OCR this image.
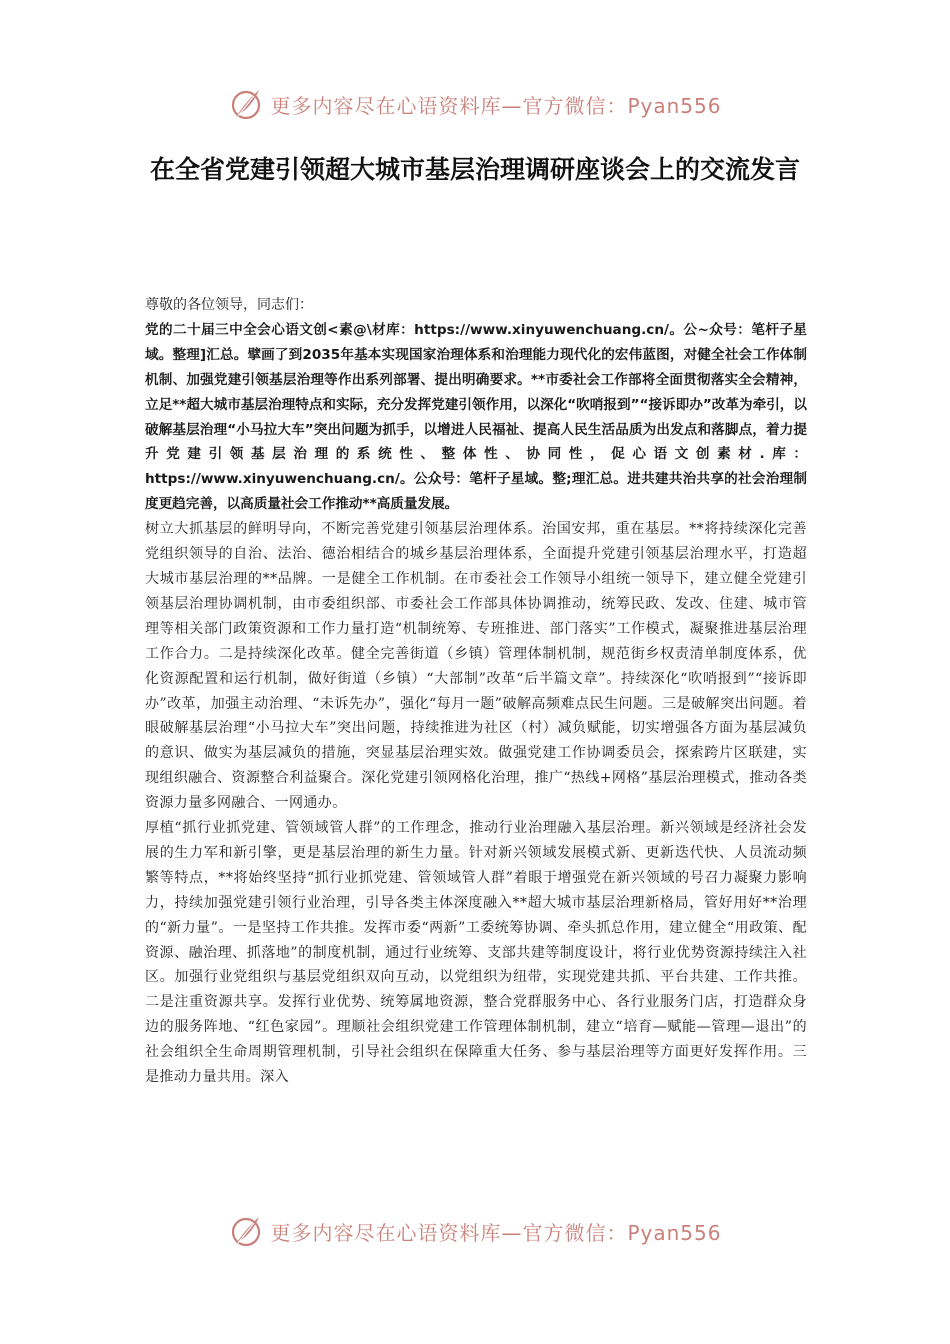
更多内容尽在心语资料库—官方微信：Pyan556
在全省党建引领超大城市基层治理调研座谈会上的交流发言

尊敬的各位领导，同志们：

党的二十届三中全会心语文创<素@\材库：https://www.xinyuwenchuang.cn/。公~众号：笔杆子星域。整理]汇总。擘画了到2035年基本实现国家治理体系和治理能力现代化的宏伟蓝图，对健全社会工作体制机制、加强党建引领基层治理等作出系列部署、提出明确要求。**市委社会工作部将全面贯彻落实全会精神，立足**超大城市基层治理特点和实际，充分发挥党建引领作用，以深化“吹哨报到”“接诉即办”改革为牵引，以破解基层治理“小马拉大车”突出问题为抓手，以增进人民福祉、提高人民生活品质为出发点和落脚点，着力提升党建引领基层治理的系统性、整体性、协同性，促心语文创素材.库：https://www.xinyuwenchuang.cn/。公众号：笔杆子星域。整;理汇总。进共建共治共享的社会治理制度更趋完善，以高质量社会工作推动**高质量发展。

树立大抓基层的鲜明导向，不断完善党建引领基层治理体系。治国安邦，重在基层。**将持续深化完善党组织领导的自治、法治、德治相结合的城乡基层治理体系，全面提升党建引领基层治理水平，打造超大城市基层治理的**品牌。一是健全工作机制。在市委社会工作领导小组统一领导下，建立健全党建引领基层治理协调机制，由市委组织部、市委社会工作部具体协调推动，统筹民政、发改、住建、城市管理等相关部门政策资源和工作力量打造“机制统筹、专班推进、部门落实”工作模式，凝聚推进基层治理工作合力。二是持续深化改革。健全完善街道（乡镇）管理体制机制，规范街乡权责清单制度体系，优化资源配置和运行机制，做好街道（乡镇）“大部制”改革“后半篇文章”。持续深化“吹哨报到”“接诉即办”改革，加强主动治理、“未诉先办”，强化“每月一题”破解高频难点民生问题。三是破解突出问题。着眼破解基层治理“小马拉大车”突出问题，持续推进为社区（村）减负赋能，切实增强各方面为基层减负的意识、做实为基层减负的措施，突显基层治理实效。做强党建工作协调委员会，探索跨片区联建，实现组织融合、资源整合利益聚合。深化党建引领网格化治理，推广“热线+网格”基层治理模式，推动各类资源力量多网融合、一网通办。

厚植“抓行业抓党建、管领域管人群”的工作理念，推动行业治理融入基层治理。新兴领域是经济社会发展的生力军和新引擎，更是基层治理的新生力量。针对新兴领域发展模式新、更新迭代快、人员流动频繁等特点，**将始终坚持“抓行业抓党建、管领域管人群”着眼于增强党在新兴领域的号召力凝聚力影响力，持续加强党建引领行业治理，引导各类主体深度融入**超大城市基层治理新格局，管好用好**治理的“新力量”。一是坚持工作共推。发挥市委“两新”工委统筹协调、牵头抓总作用，建立健全“用政策、配资源、融治理、抓落地”的制度机制，通过行业统筹、支部共建等制度设计，将行业优势资源持续注入社区。加强行业党组织与基层党组织双向互动，以党组织为纽带，实现党建共抓、平台共建、工作共推。二是注重资源共享。发挥行业优势、统筹属地资源，整合党群服务中心、各行业服务门店，打造群众身边的服务阵地、“红色家园”。理顺社会组织党建工作管理体制机制，建立“培育—赋能—管理—退出”的社会组织全生命周期管理机制，引导社会组织在保障重大任务、参与基层治理等方面更好发挥作用。三是推动力量共用。深入

更多内容尽在心语资料库—官方微信：Pyan556
